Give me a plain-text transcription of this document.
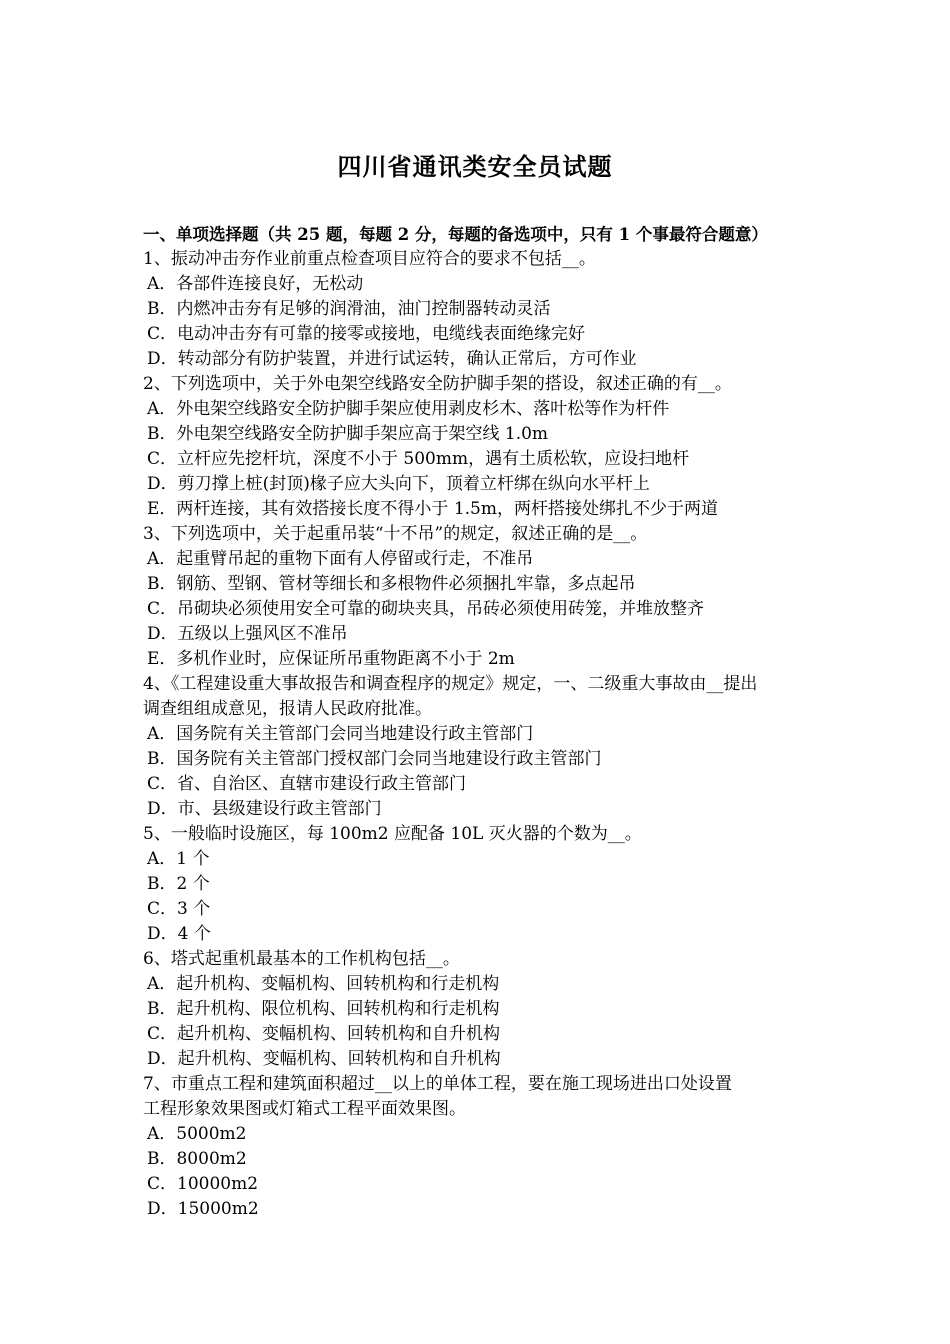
四川省通讯类安全员试题
一、单项选择题（共 25 题，每题 2 分，每题的备选项中，只有 1 个事最符合题意）
1、振动冲击夯作业前重点检查项目应符合的要求不包括__。
A．各部件连接良好，无松动
B．内燃冲击夯有足够的润滑油，油门控制器转动灵活
C．电动冲击夯有可靠的接零或接地，电缆线表面绝缘完好
D．转动部分有防护装置，并进行试运转，确认正常后，方可作业
2、下列选项中，关于外电架空线路安全防护脚手架的搭设，叙述正确的有__。
A．外电架空线路安全防护脚手架应使用剥皮杉木、落叶松等作为杆件
B．外电架空线路安全防护脚手架应高于架空线 1.0m
C．立杆应先挖杆坑，深度不小于 500mm，遇有土质松软，应设扫地杆
D．剪刀撑上桩(封顶)椽子应大头向下，顶着立杆绑在纵向水平杆上
E．两杆连接，其有效搭接长度不得小于 1.5m，两杆搭接处绑扎不少于两道
3、下列选项中，关于起重吊装“十不吊”的规定，叙述正确的是__。
A．起重臂吊起的重物下面有人停留或行走，不准吊
B．钢筋、型钢、管材等细长和多根物件必须捆扎牢靠，多点起吊
C．吊砌块必须使用安全可靠的砌块夹具，吊砖必须使用砖笼，并堆放整齐
D．五级以上强风区不准吊
E．多机作业时，应保证所吊重物距离不小于 2m
4、《工程建设重大事故报告和调查程序的规定》规定，一、二级重大事故由__提出
调查组组成意见，报请人民政府批准。
A．国务院有关主管部门会同当地建设行政主管部门
B．国务院有关主管部门授权部门会同当地建设行政主管部门
C．省、自治区、直辖市建设行政主管部门
D．市、县级建设行政主管部门
5、一般临时设施区，每 100m2 应配备 10L 灭火器的个数为__。
A．1 个
B．2 个
C．3 个
D．4 个
6、塔式起重机最基本的工作机构包括__。
A．起升机构、变幅机构、回转机构和行走机构
B．起升机构、限位机构、回转机构和行走机构
C．起升机构、变幅机构、回转机构和自升机构
D．起升机构、变幅机构、回转机构和自升机构
7、市重点工程和建筑面积超过__以上的单体工程，要在施工现场进出口处设置
工程形象效果图或灯箱式工程平面效果图。
A．5000m2
B．8000m2
C．10000m2
D．15000m2
